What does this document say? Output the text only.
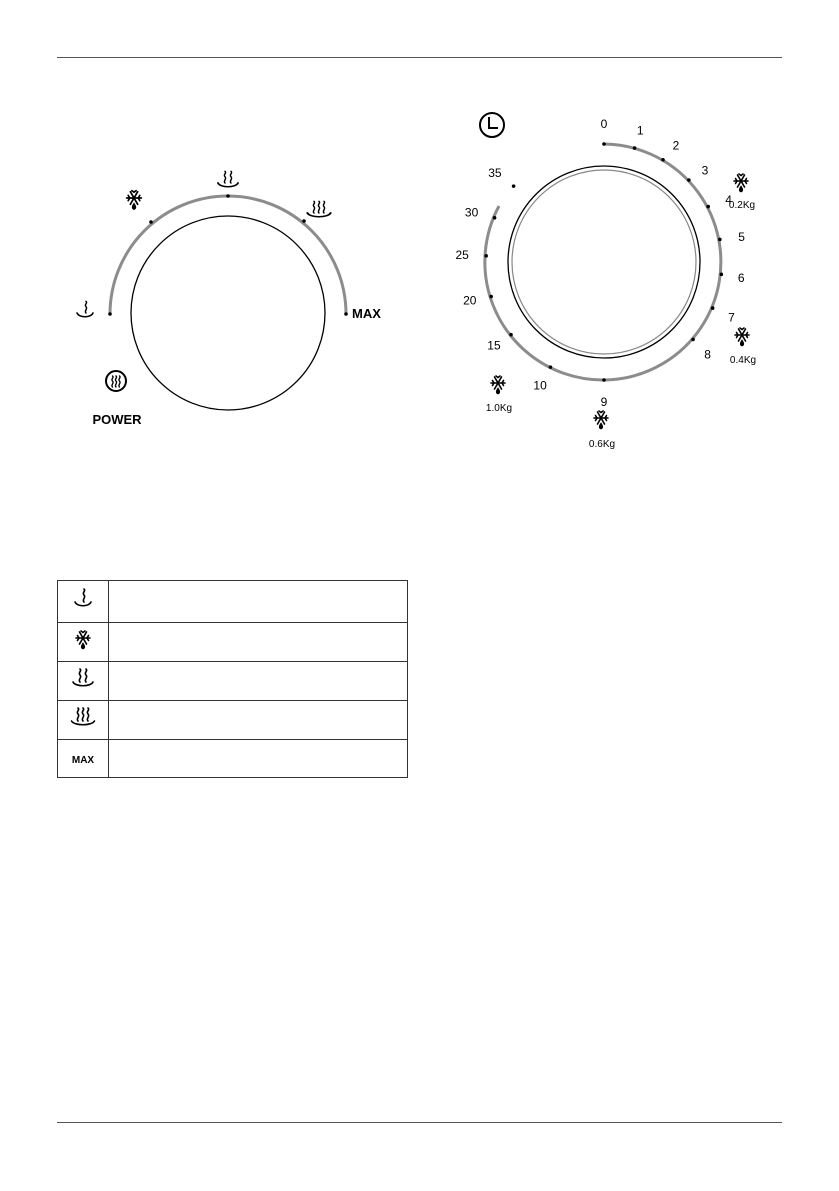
MAX
POWER
0 1
2
3
4
5
6
7
8
9
10
15
20
25
30
35
0.2Kg
0.4Kg
0.6Kg
1.0Kg

MAX	
